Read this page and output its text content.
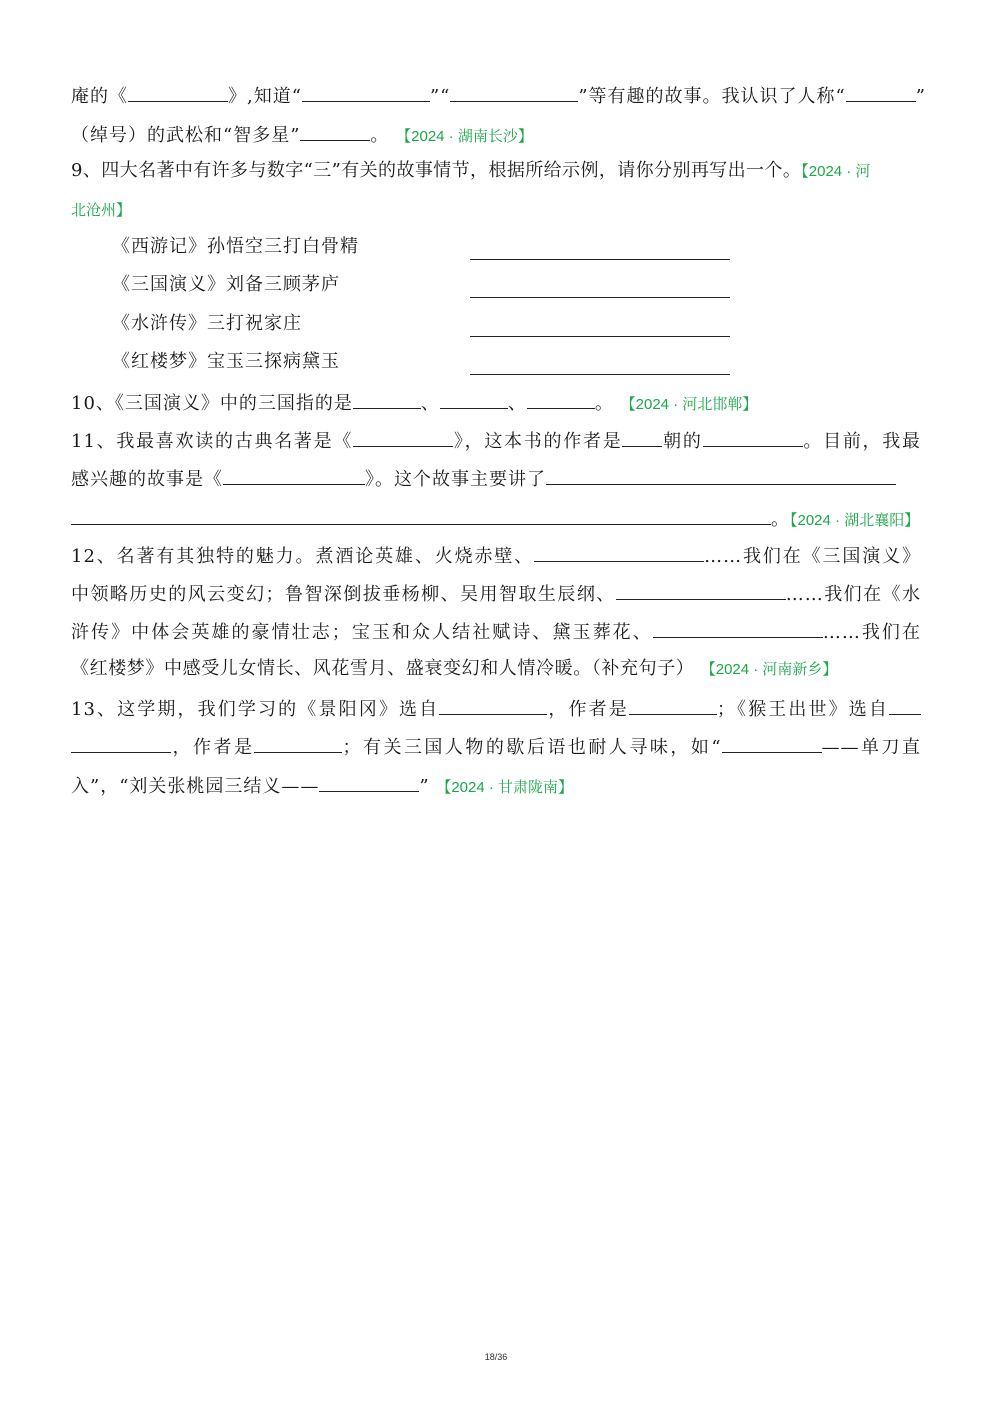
庵的《	》,知道“	”“	”等有趣的故事。我认识了人称“	”
（绰号）的武松和“智多星”	。 【2024 · 湖南长沙】
9、四大名著中有许多与数字“三”有关的故事情节，根据所给示例，请你分别再写出一个。【2024 · 河
北沧州】
《西游记》孙悟空三打白骨精
《三国演义》刘备三顾茅庐
《水浒传》三打祝家庄
《红楼梦》宝玉三探病黛玉
10、《三国演义》中的三国指的是	、	、	。 【2024 · 河北邯郸】
11、我最喜欢读的古典名著是《	》，这本书的作者是 朝的	。目前，我最
感兴趣的故事是《	》。这个故事主要讲了
。【2024 · 湖北襄阳】
12、名著有其独特的魅力。煮酒论英雄、火烧赤壁、	……我们在《三国演义》
中领略历史的风云变幻；鲁智深倒拔垂杨柳、吴用智取生辰纲、	……我们在《水
浒传》中体会英雄的豪情壮志；宝玉和众人结社赋诗、黛玉葬花、	……我们在
《红楼梦》中感受儿女情长、风花雪月、盛衰变幻和人情冷暖。（补充句子） 【2024 · 河南新乡】
13、这学期，我们学习的《景阳冈》选自	，作者是	；《猴王出世》选自
，作者是	；有关三国人物的歇后语也耐人寻味，如“	——单刀直
入”，“刘关张桃园三结义——	” 【2024 · 甘肃陇南】
18/36
